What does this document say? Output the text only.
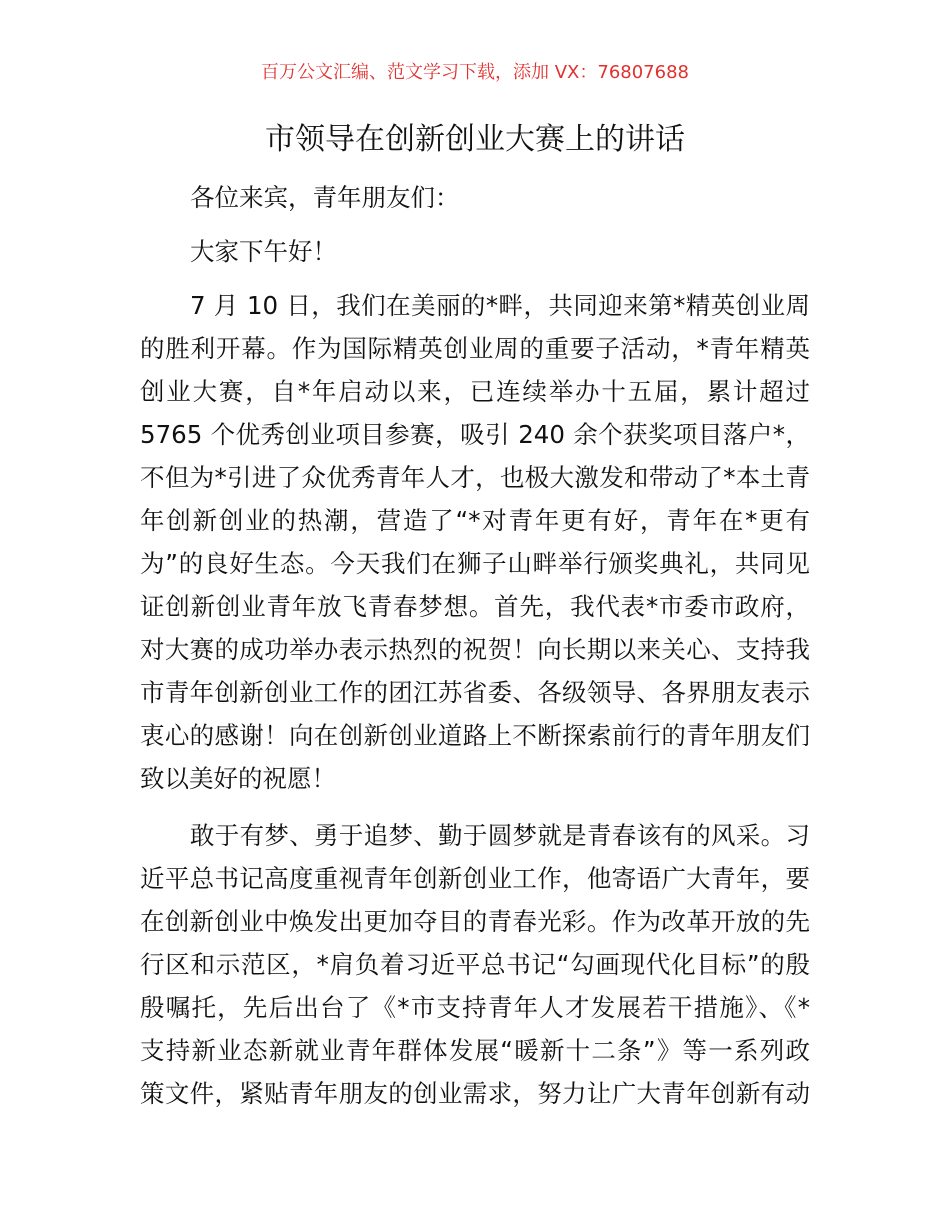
百万公文汇编、范文学习下载，添加 VX：76807688
市领导在创新创业大赛上的讲话
各位来宾，青年朋友们：
大家下午好！
7 月 10 日，我们在美丽的*畔，共同迎来第*精英创业周
的胜利开幕。作为国际精英创业周的重要子活动，*青年精英
创业大赛，自*年启动以来，已连续举办十五届，累计超过
5765 个优秀创业项目参赛，吸引 240 余个获奖项目落户*，
不但为*引进了众优秀青年人才，也极大激发和带动了*本土青
年创新创业的热潮，营造了“*对青年更有好，青年在*更有
为”的良好生态。今天我们在狮子山畔举行颁奖典礼，共同见
证创新创业青年放飞青春梦想。首先，我代表*市委市政府，
对大赛的成功举办表示热烈的祝贺！向长期以来关心、支持我
市青年创新创业工作的团江苏省委、各级领导、各界朋友表示
衷心的感谢！向在创新创业道路上不断探索前行的青年朋友们
致以美好的祝愿！
敢于有梦、勇于追梦、勤于圆梦就是青春该有的风采。习
近平总书记高度重视青年创新创业工作，他寄语广大青年，要
在创新创业中焕发出更加夺目的青春光彩。作为改革开放的先
行区和示范区，*肩负着习近平总书记“勾画现代化目标”的殷
殷嘱托，先后出台了《*市支持青年人才发展若干措施》、《*
支持新业态新就业青年群体发展“暖新十二条”》等一系列政
策文件，紧贴青年朋友的创业需求，努力让广大青年创新有动
